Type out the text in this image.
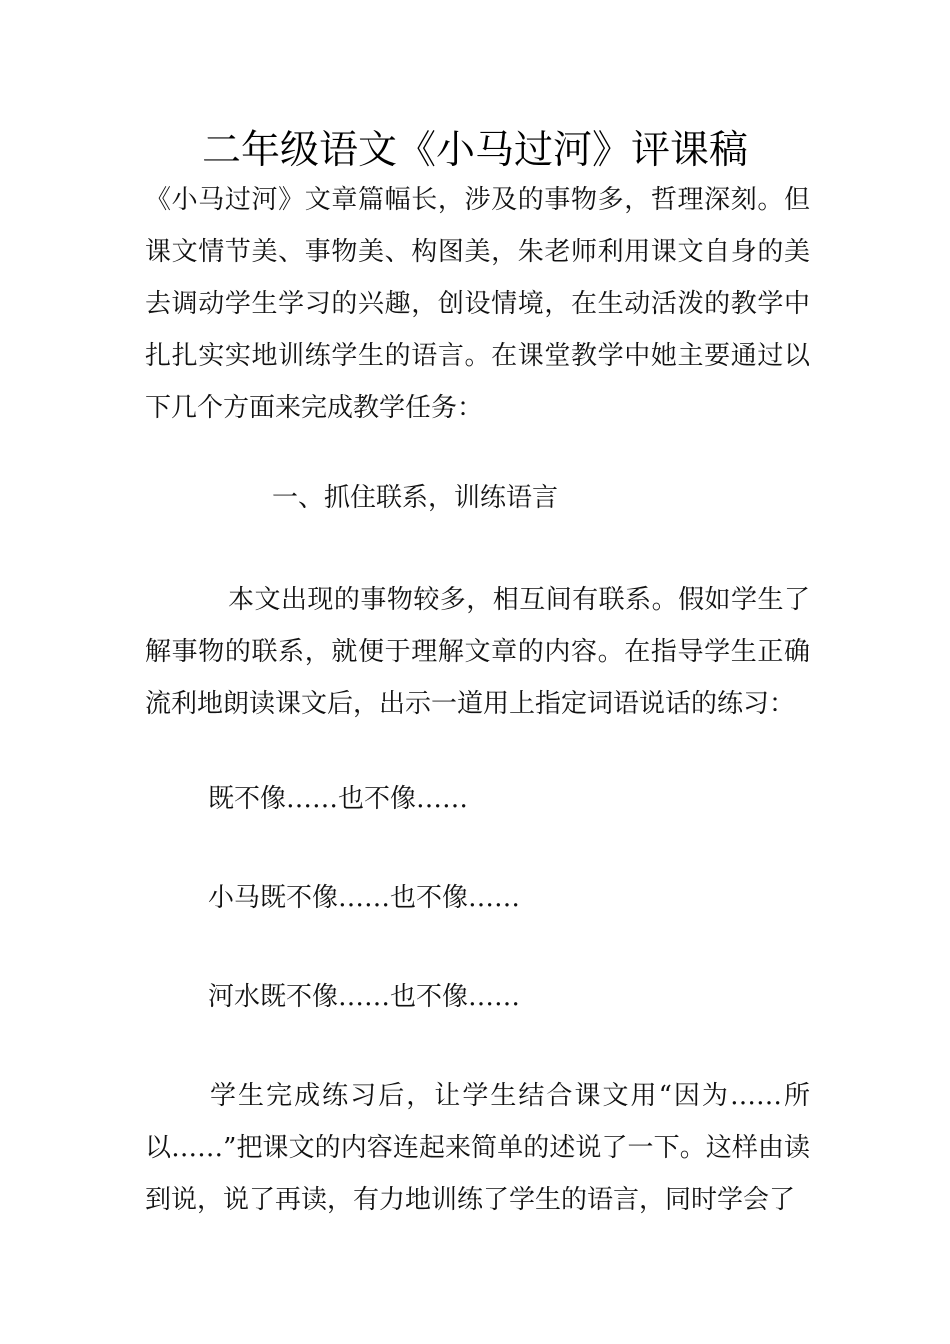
二年级语文《小马过河》评课稿

《小马过河》文章篇幅长，涉及的事物多，哲理深刻。但课文情节美、事物美、构图美，朱老师利用课文自身的美去调动学生学习的兴趣，创设情境，在生动活泼的教学中扎扎实实地训练学生的语言。在课堂教学中她主要通过以下几个方面来完成教学任务：

一、抓住联系，训练语言

本文出现的事物较多，相互间有联系。假如学生了解事物的联系，就便于理解文章的内容。在指导学生正确流利地朗读课文后，出示一道用上指定词语说话的练习：

既不像……也不像……

小马既不像……也不像……

河水既不像……也不像……

学生完成练习后，让学生结合课文用“因为……所以……”把课文的内容连起来简单的述说了一下。这样由读到说，说了再读，有力地训练了学生的语言，同时学会了
